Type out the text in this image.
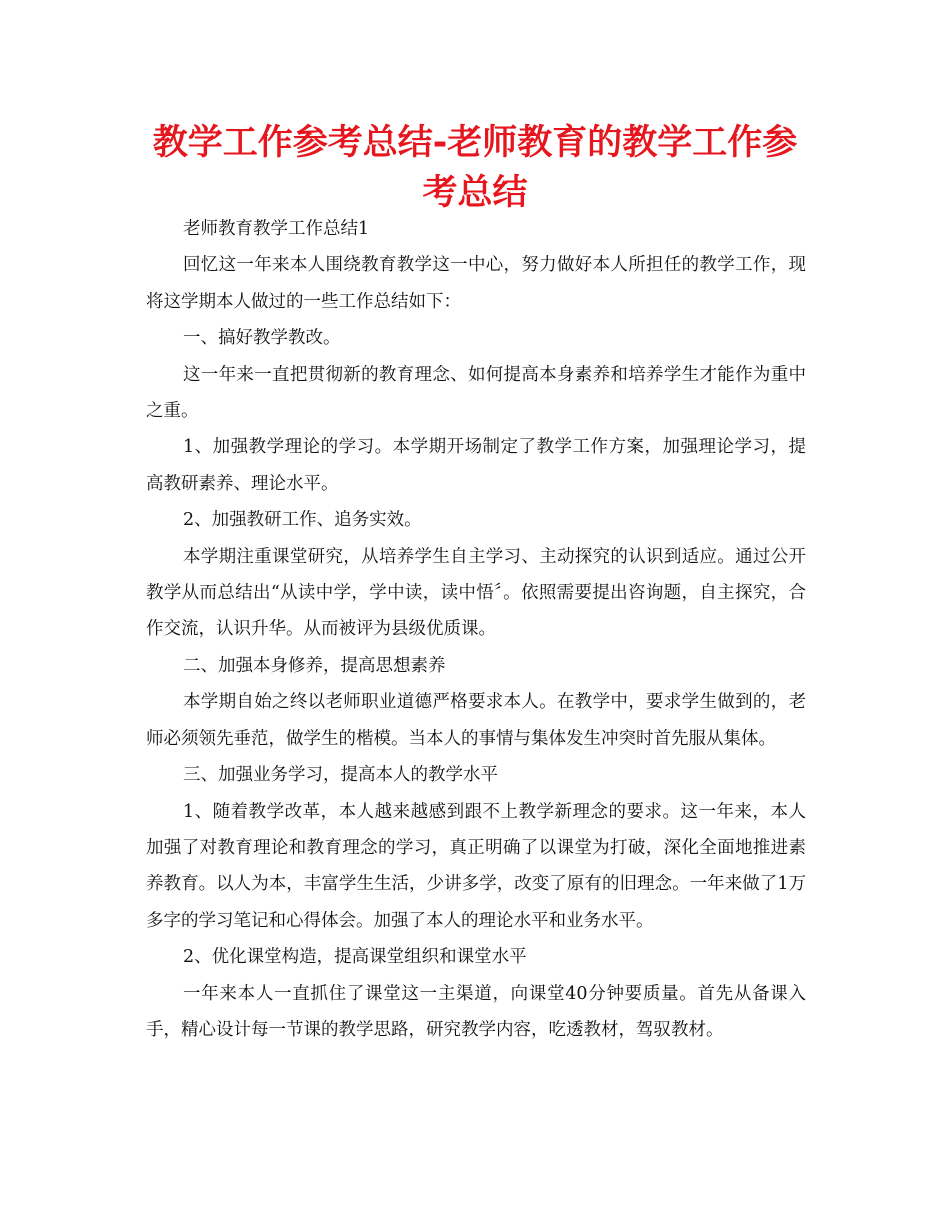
教学工作参考总结-老师教育的教学工作参考总结

老师教育教学工作总结1

回忆这一年来本人围绕教育教学这一中心，努力做好本人所担任的教学工作，现将这学期本人做过的一些工作总结如下：

一、搞好教学教改。

这一年来一直把贯彻新的教育理念、如何提高本身素养和培养学生才能作为重中之重。

1、加强教学理论的学习。本学期开场制定了教学工作方案，加强理论学习，提高教研素养、理论水平。

2、加强教研工作、追务实效。

本学期注重课堂研究，从培养学生自主学习、主动探究的认识到适应。通过公开教学从而总结出“从读中学，学中读，读中悟〞。依照需要提出咨询题，自主探究，合作交流，认识升华。从而被评为县级优质课。

二、加强本身修养，提高思想素养

本学期自始之终以老师职业道德严格要求本人。在教学中，要求学生做到的，老师必须领先垂范，做学生的楷模。当本人的事情与集体发生冲突时首先服从集体。

三、加强业务学习，提高本人的教学水平

1、随着教学改革，本人越来越感到跟不上教学新理念的要求。这一年来，本人加强了对教育理论和教育理念的学习，真正明确了以课堂为打破，深化全面地推进素养教育。以人为本，丰富学生生活，少讲多学，改变了原有的旧理念。一年来做了1万多字的学习笔记和心得体会。加强了本人的理论水平和业务水平。

2、优化课堂构造，提高课堂组织和课堂水平

一年来本人一直抓住了课堂这一主渠道，向课堂40分钟要质量。首先从备课入手，精心设计每一节课的教学思路，研究教学内容，吃透教材，驾驭教材。
